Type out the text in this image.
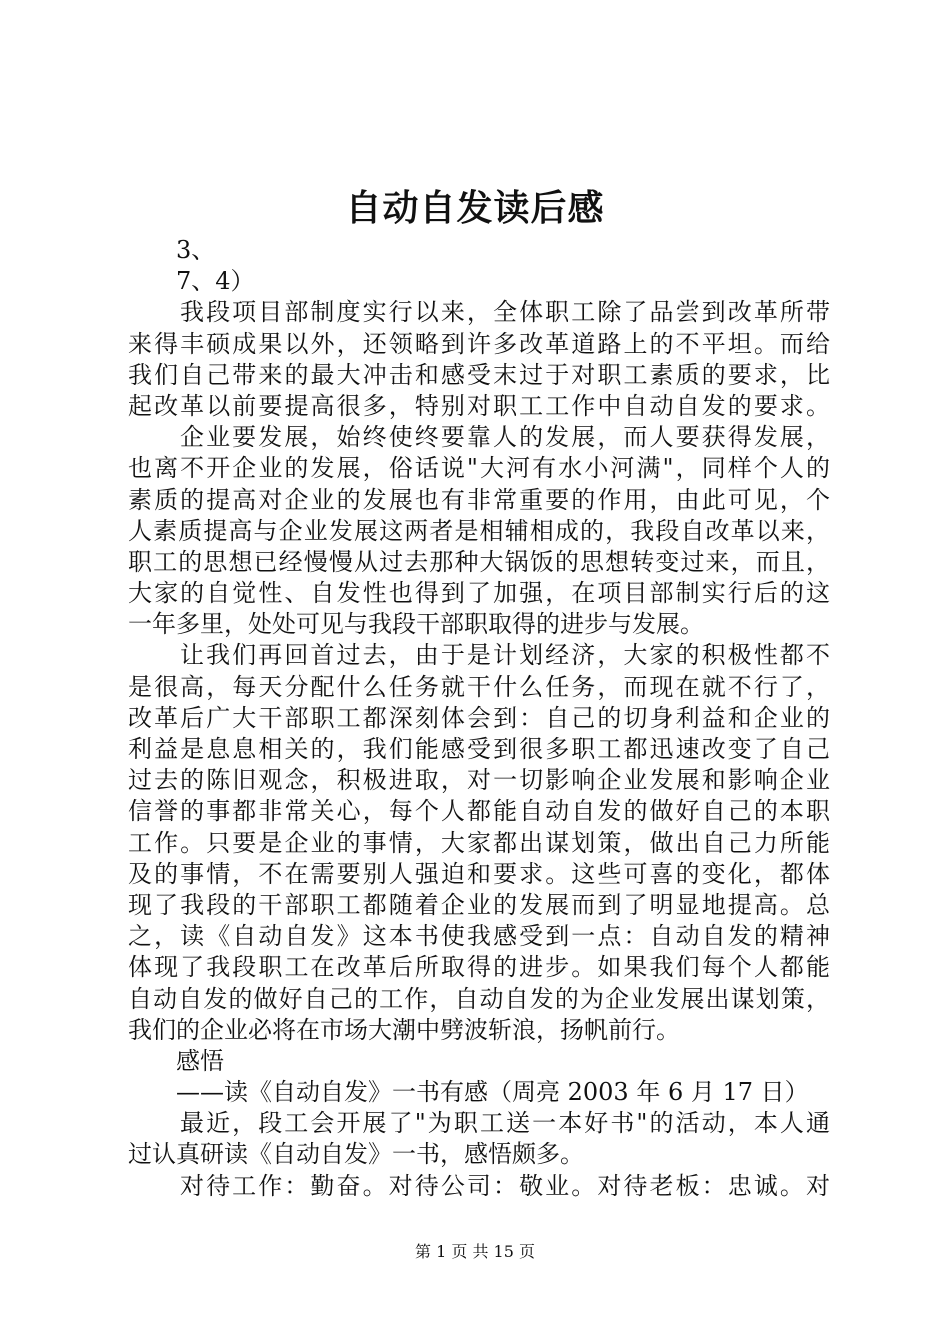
自动自发读后感
3、
7、4）
我段项目部制度实行以来，全体职工除了品尝到改革所带
来得丰硕成果以外，还领略到许多改革道路上的不平坦。而给
我们自己带来的最大冲击和感受末过于对职工素质的要求，比
起改革以前要提高很多，特别对职工工作中自动自发的要求。
企业要发展，始终使终要靠人的发展，而人要获得发展，
也离不开企业的发展，俗话说"大河有水小河满"，同样个人的
素质的提高对企业的发展也有非常重要的作用，由此可见，个
人素质提高与企业发展这两者是相辅相成的，我段自改革以来，
职工的思想已经慢慢从过去那种大锅饭的思想转变过来，而且，
大家的自觉性、自发性也得到了加强，在项目部制实行后的这
一年多里，处处可见与我段干部职取得的进步与发展。
让我们再回首过去，由于是计划经济，大家的积极性都不
是很高，每天分配什么任务就干什么任务，而现在就不行了，
改革后广大干部职工都深刻体会到：自己的切身利益和企业的
利益是息息相关的，我们能感受到很多职工都迅速改变了自己
过去的陈旧观念，积极进取，对一切影响企业发展和影响企业
信誉的事都非常关心，每个人都能自动自发的做好自己的本职
工作。只要是企业的事情，大家都出谋划策，做出自己力所能
及的事情，不在需要别人强迫和要求。这些可喜的变化，都体
现了我段的干部职工都随着企业的发展而到了明显地提高。总
之，读《自动自发》这本书使我感受到一点：自动自发的精神
体现了我段职工在改革后所取得的进步。如果我们每个人都能
自动自发的做好自己的工作，自动自发的为企业发展出谋划策，
我们的企业必将在市场大潮中劈波斩浪，扬帆前行。
感悟
——读《自动自发》一书有感（周亮 2003 年 6 月 17 日）
最近，段工会开展了"为职工送一本好书"的活动，本人通
过认真研读《自动自发》一书，感悟颇多。
对待工作：勤奋。对待公司：敬业。对待老板：忠诚。对
第 1 页 共 15 页
